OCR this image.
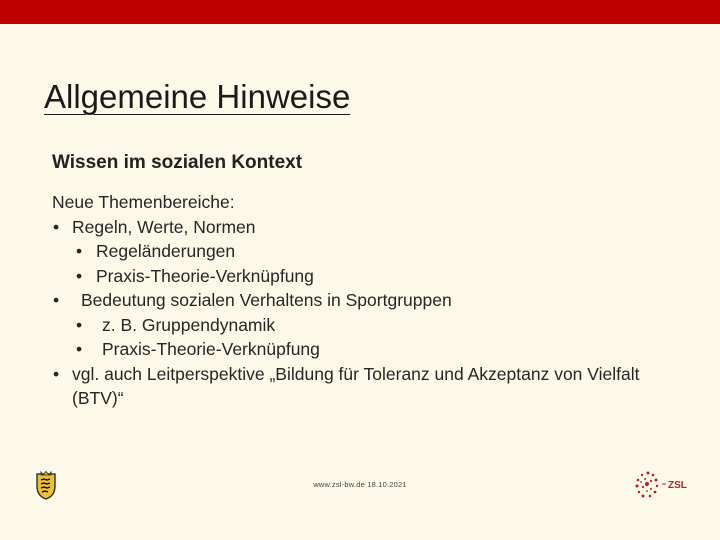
Allgemeine Hinweise
Wissen im sozialen Kontext
Neue Themenbereiche:
• Regeln, Werte, Normen
• Regeländerungen
• Praxis-Theorie-Verknüpfung
• Bedeutung sozialen Verhaltens in Sportgruppen
• z. B. Gruppendynamik
• Praxis-Theorie-Verknüpfung
• vgl. auch Leitperspektive „Bildung für Toleranz und Akzeptanz von Vielfalt (BTV)“
www.zsl-bw.de 18.10.2021	ZSL
